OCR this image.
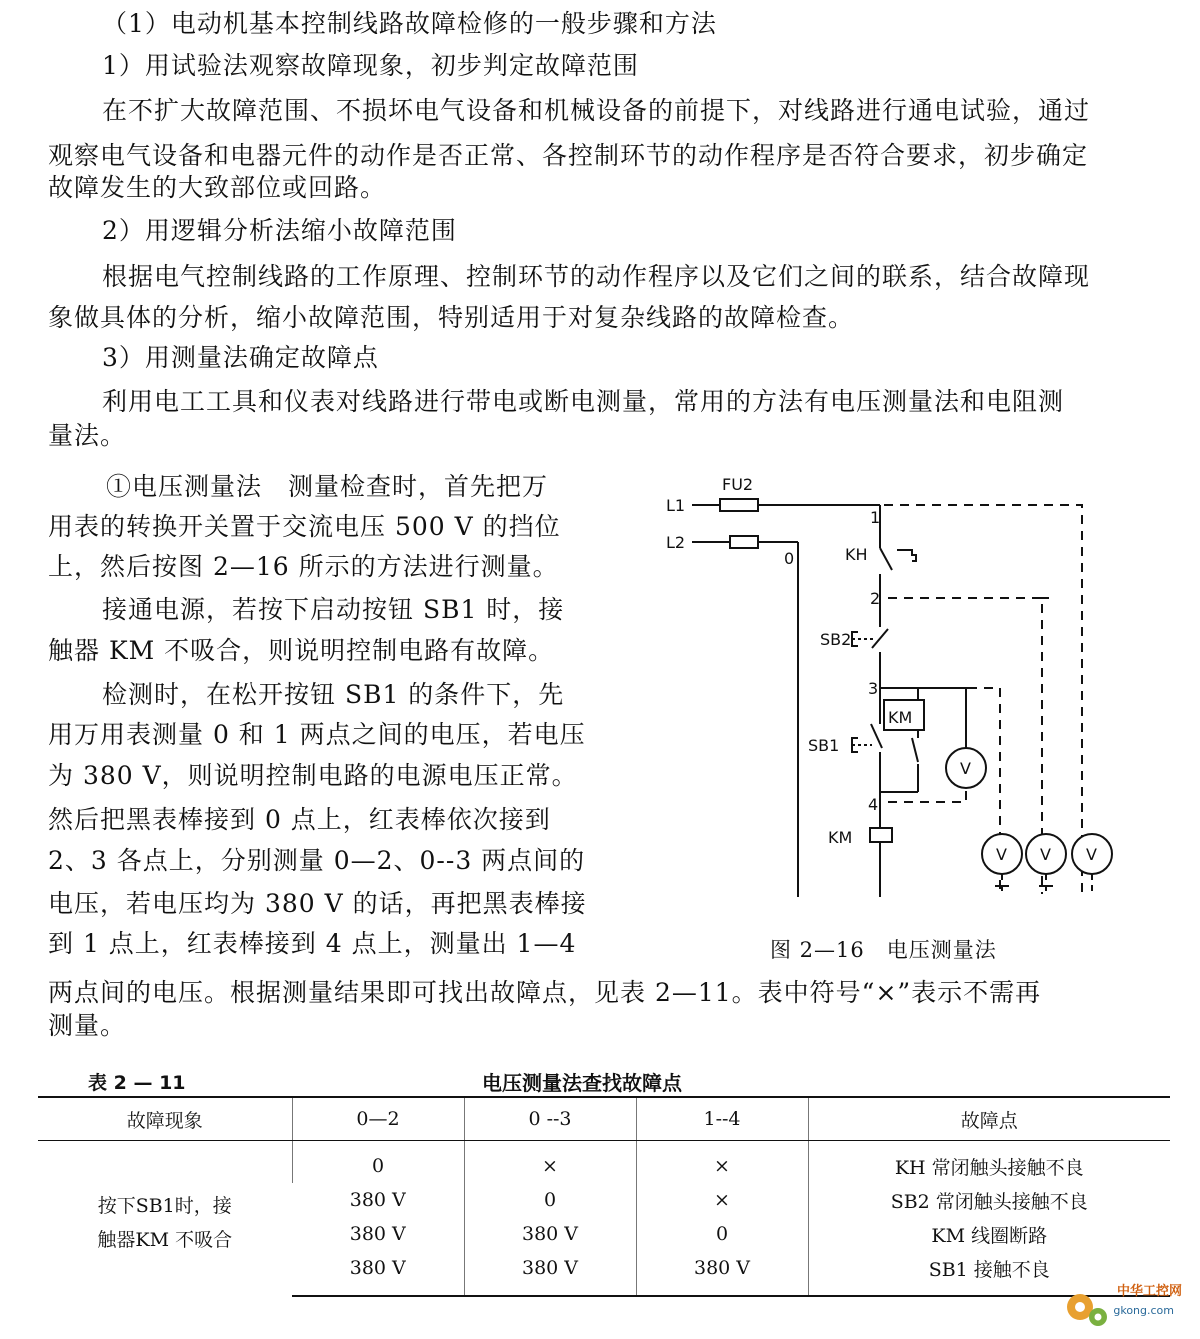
（1）电动机基本控制线路故障检修的一般步骤和方法
1）用试验法观察故障现象，初步判定故障范围
在不扩大故障范围、不损坏电气设备和机械设备的前提下，对线路进行通电试验，通过
观察电气设备和电器元件的动作是否正常、各控制环节的动作程序是否符合要求，初步确定
故障发生的大致部位或回路。
2）用逻辑分析法缩小故障范围
根据电气控制线路的工作原理、控制环节的动作程序以及它们之间的联系，结合故障现
象做具体的分析，缩小故障范围，特别适用于对复杂线路的故障检查。
3）用测量法确定故障点
利用电工工具和仪表对线路进行带电或断电测量，常用的方法有电压测量法和电阻测
量法。
①电压测量法　测量检查时，首先把万
用表的转换开关置于交流电压 500 V 的挡位
上，然后按图 2—16 所示的方法进行测量。
接通电源，若按下启动按钮 SB1 时，接
触器 KM 不吸合，则说明控制电路有故障。
检测时，在松开按钮 SB1 的条件下，先
用万用表测量 0 和 1 两点之间的电压，若电压
为 380 V，则说明控制电路的电源电压正常。
然后把黑表棒接到 0 点上，红表棒依次接到
2、3 各点上，分别测量 0—2、0--3 两点间的
电压，若电压均为 380 V 的话，再把黑表棒接
到 1 点上，红表棒接到 4 点上，测量出 1—4
FU2
L1
L2
0
1
KH
2
SB2
3
KM
SB1
4
KM
V
V V V
图 2—16　电压测量法
两点间的电压。根据测量结果即可找出故障点，见表 2—11。表中符号“×”表示不需再
测量。
表 2 — 11	电压测量法查找故障点
故障现象	0—2	0 --3	1--4	故障点

按下SB1时，接
触器KM 不吸合	0	×	×	KH 常闭触头接触不良
	380 V	0	×	SB2 常闭触头接触不良
	380 V	380 V	0	KM 线圈断路
	380 V	380 V	380 V	SB1 接触不良
中华工控网
gkong.com
